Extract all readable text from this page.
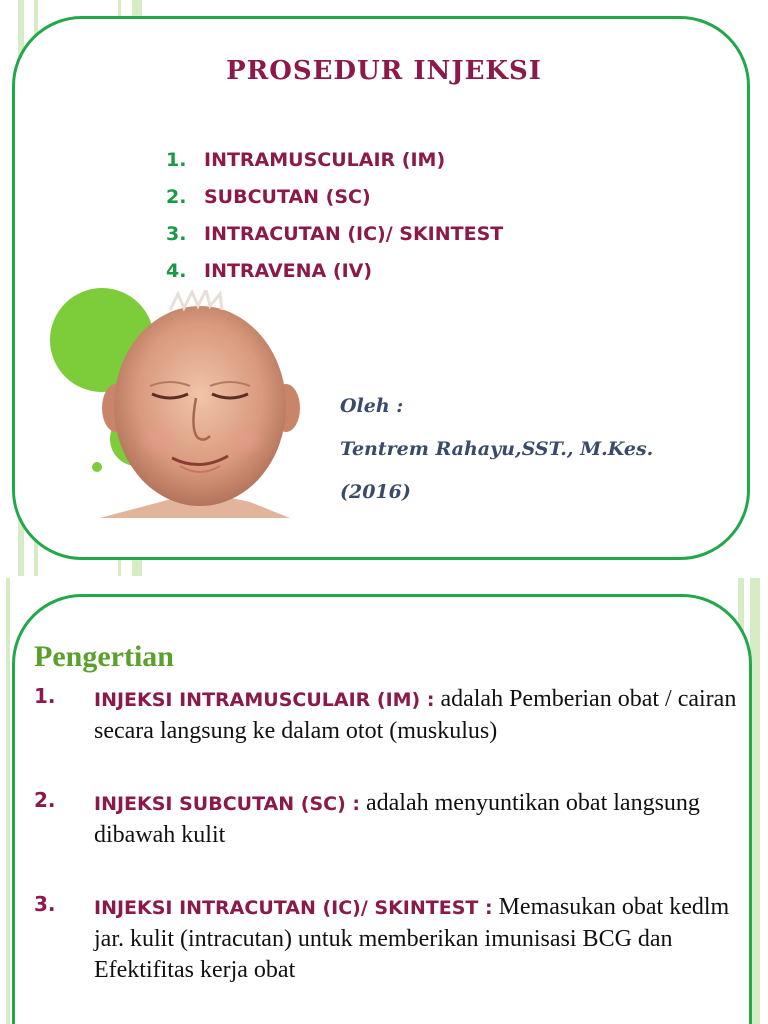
PROSEDUR INJEKSI
1. INTRAMUSCULAIR (IM)
2. SUBCUTAN (SC)
3. INTRACUTAN (IC)/ SKINTEST
4. INTRAVENA (IV)
Oleh :
Tentrem Rahayu,SST., M.Kes.
(2016)
Pengertian
1. INJEKSI INTRAMUSCULAIR (IM) : adalah Pemberian obat / cairan secara langsung ke dalam otot (muskulus)
2. INJEKSI SUBCUTAN (SC) : adalah menyuntikan obat langsung dibawah kulit
3. INJEKSI INTRACUTAN (IC)/ SKINTEST : Memasukan obat kedlm jar. kulit (intracutan) untuk memberikan imunisasi BCG dan Efektifitas kerja obat
